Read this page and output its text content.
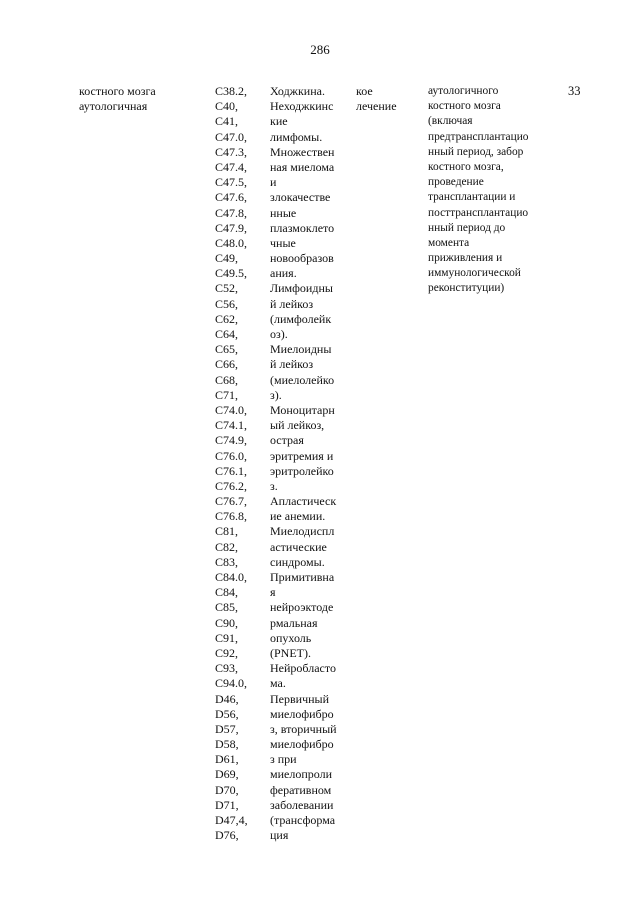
286
костного мозга
аутологичная
C38.2,
C40,
C41,
C47.0,
C47.3,
C47.4,
C47.5,
C47.6,
C47.8,
C47.9,
C48.0,
C49,
C49.5,
C52,
C56,
C62,
C64,
C65,
C66,
C68,
C71,
C74.0,
C74.1,
C74.9,
C76.0,
C76.1,
C76.2,
C76.7,
C76.8,
C81,
C82,
C83,
C84.0,
C84,
C85,
C90,
C91,
C92,
C93,
C94.0,
D46,
D56,
D57,
D58,
D61,
D69,
D70,
D71,
D47,4,
D76,
Ходжкина.
Неходжкинс
кие
лимфомы.
Множествен
ная миелома
и
злокачестве
нные
плазмоклето
чные
новообразов
ания.
Лимфоидны
й лейкоз
(лимфолейк
оз).
Миелоидны
й лейкоз
(миелолейко
з).
Моноцитарн
ый лейкоз,
острая
эритремия и
эритролейко
з.
Апластическ
ие анемии.
Миелодиспл
астические
синдромы.
Примитивна
я
нейроэктоде
рмальная
опухоль
(PNET).
Нейробласто
ма.
Первичный
миелофибро
з, вторичный
миелофибро
з при
миелопроли
феративном
заболевании
(трансформа
ция
кое
лечение
аутологичного
костного мозга
(включая
предтрансплантацио
нный период, забор
костного мозга,
проведение
трансплантации и
посттрансплантацио
нный период до
момента
приживления и
иммунологической
реконституции)
33
